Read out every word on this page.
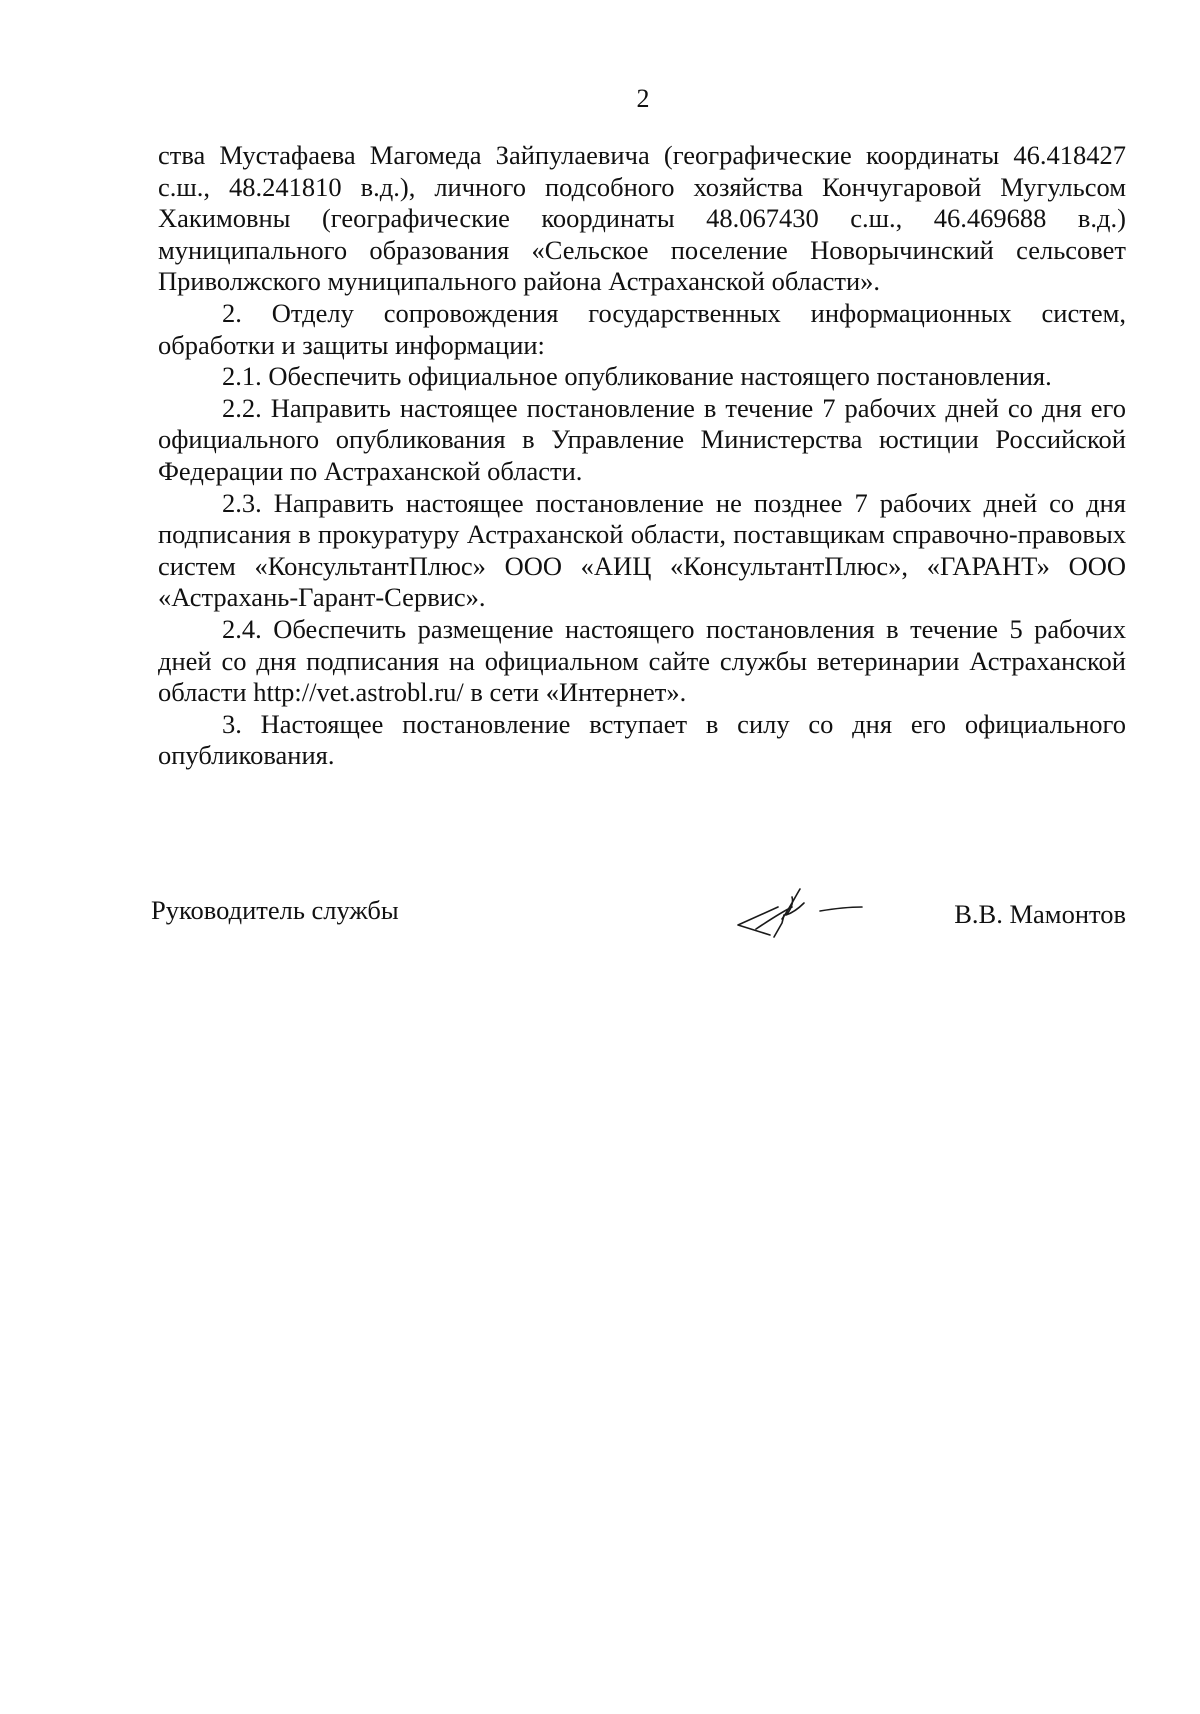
2

ства Мустафаева Магомеда Зайпулаевича (географические координаты 46.418427 с.ш., 48.241810 в.д.), личного подсобного хозяйства Кончугаровой Мугульсом Хакимовны (географические координаты 48.067430 с.ш., 46.469688 в.д.) муниципального образования «Сельское поселение Новорычинский сельсовет Приволжского муниципального района Астраханской области».

2. Отделу сопровождения государственных информационных систем, обработки и защиты информации:

2.1. Обеспечить официальное опубликование настоящего постановления.

2.2. Направить настоящее постановление в течение 7 рабочих дней со дня его официального опубликования в Управление Министерства юстиции Российской Федерации по Астраханской области.

2.3. Направить настоящее постановление не позднее 7 рабочих дней со дня подписания в прокуратуру Астраханской области, поставщикам справочно-правовых систем «КонсультантПлюс» ООО «АИЦ «КонсультантПлюс», «ГАРАНТ» ООО «Астрахань-Гарант-Сервис».

2.4. Обеспечить размещение настоящего постановления в течение 5 рабочих дней со дня подписания на официальном сайте службы ветеринарии Астраханской области http://vet.astrobl.ru/ в сети «Интернет».

3. Настоящее постановление вступает в силу со дня его официального опубликования.

Руководитель службы	В.В. Мамонтов
